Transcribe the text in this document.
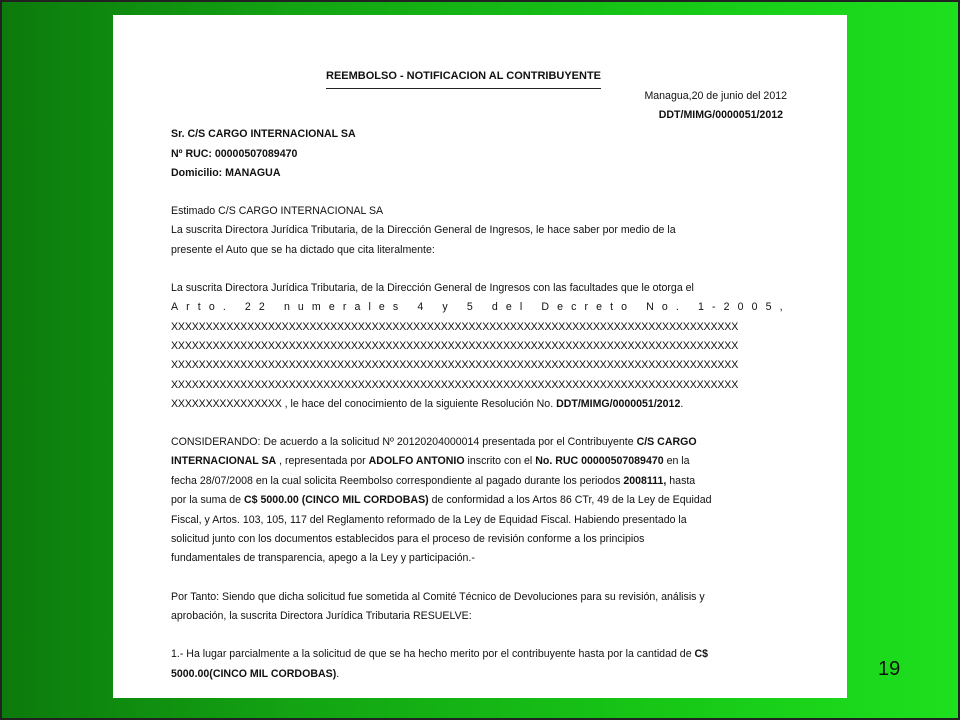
REEMBOLSO - NOTIFICACION AL CONTRIBUYENTE
Managua,20 de junio del 2012
DDT/MIMG/0000051/2012
Sr. C/S CARGO INTERNACIONAL SA
Nº RUC: 00000507089470
Domicilio: MANAGUA
Estimado C/S CARGO INTERNACIONAL SA
La suscrita Directora Jurídica Tributaria, de la Dirección General de Ingresos, le hace saber por medio de la
presente el Auto que se ha dictado que cita literalmente:
La suscrita Directora Jurídica Tributaria, de la Dirección General de Ingresos con las facultades que le otorga el
Arto. 22 numerales 4 y 5 del Decreto No. 1-2005,
XXXXXXXXXXXXXXXXXXXXXXXXXXXXXXXXXXXXXXXXXXXXXXXXXXXXXXXXXXXXXXXXXXXXXXXXXXXXXXXXXX
XXXXXXXXXXXXXXXXXXXXXXXXXXXXXXXXXXXXXXXXXXXXXXXXXXXXXXXXXXXXXXXXXXXXXXXXXXXXXXXXXX
XXXXXXXXXXXXXXXXXXXXXXXXXXXXXXXXXXXXXXXXXXXXXXXXXXXXXXXXXXXXXXXXXXXXXXXXXXXXXXXXXX
XXXXXXXXXXXXXXXXXXXXXXXXXXXXXXXXXXXXXXXXXXXXXXXXXXXXXXXXXXXXXXXXXXXXXXXXXXXXXXXXXX
XXXXXXXXXXXXXXXX , le hace del conocimiento de la siguiente Resolución No. DDT/MIMG/0000051/2012.
CONSIDERANDO: De acuerdo a la solicitud Nº 20120204000014 presentada por el Contribuyente C/S CARGO
INTERNACIONAL SA , representada por ADOLFO ANTONIO inscrito con el No. RUC 00000507089470 en la
fecha 28/07/2008 en la cual solicita Reembolso correspondiente al pagado durante los periodos 2008111, hasta
por la suma de C$ 5000.00 (CINCO MIL CORDOBAS) de conformidad a los Artos 86 CTr, 49 de la Ley de Equidad
Fiscal, y Artos. 103, 105, 117 del Reglamento reformado de la Ley de Equidad Fiscal. Habiendo presentado la
solicitud junto con los documentos establecidos para el proceso de revisión conforme a los principios
fundamentales de transparencia, apego a la Ley y participación.-
Por Tanto: Siendo que dicha solicitud fue sometida al Comité Técnico de Devoluciones para su revisión, análisis y
aprobación, la suscrita Directora Jurídica Tributaria RESUELVE:
1.- Ha lugar parcialmente a la solicitud de que se ha hecho merito por el contribuyente hasta por la cantidad de C$
5000.00(CINCO MIL CORDOBAS).	19
